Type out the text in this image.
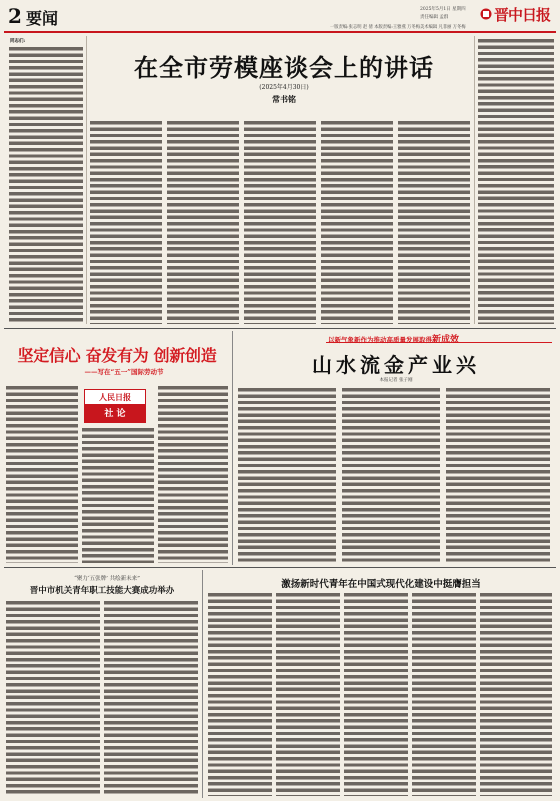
2 要闻	2025年5月1日 星期四
责任编辑 孟群
一版责编:张志明 赵 倩 本版责编:王雅燕 万冬梅 美术编辑 凡菲丽 万冬梅
晋中日报
同志们:
在全市劳模座谈会上的讲话
(2025年4月30日)
常书铭
坚定信心 奋发有为 创新创造
——写在“五一”国际劳动节
人民日报
社 论
以新气象新作为推动高质量发展取得新成效
山水流金产业兴
本报记者 张子刚
“聚力‘五张牌’ 共绘新未来”
晋中市机关青年职工技能大赛成功举办
激扬新时代青年在中国式现代化建设中挺膺担当
